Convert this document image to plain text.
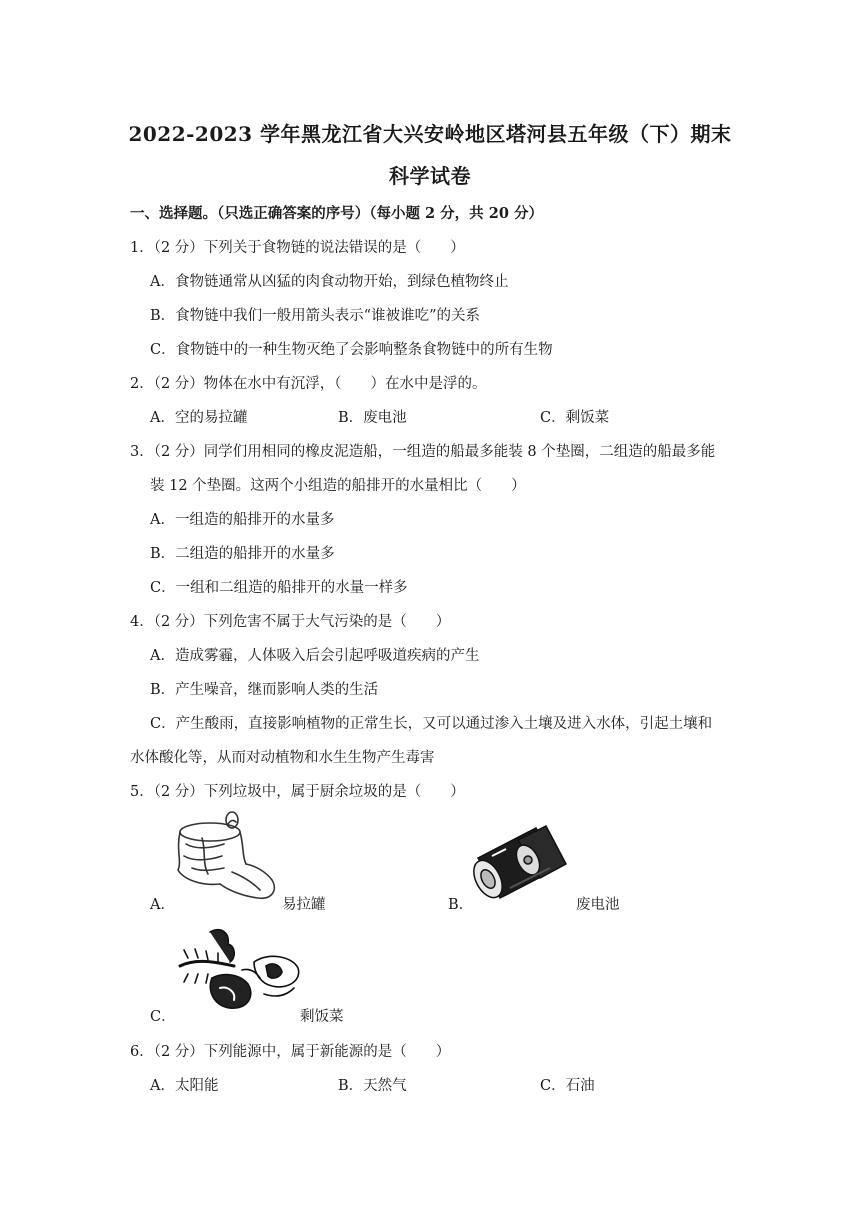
2022-2023 学年黑龙江省大兴安岭地区塔河县五年级（下）期末
科学试卷
一、选择题。（只选正确答案的序号）（每小题 2 分，共 20 分）
1．（2 分）下列关于食物链的说法错误的是（　　）
A．食物链通常从凶猛的肉食动物开始，到绿色植物终止
B．食物链中我们一般用箭头表示“谁被谁吃”的关系
C．食物链中的一种生物灭绝了会影响整条食物链中的所有生物
2．（2 分）物体在水中有沉浮，（　　）在水中是浮的。
A．空的易拉罐	B．废电池	C．剩饭菜
3．（2 分）同学们用相同的橡皮泥造船，一组造的船最多能装 8 个垫圈，二组造的船最多能
装 12 个垫圈。这两个小组造的船排开的水量相比（　　）
A．一组造的船排开的水量多
B．二组造的船排开的水量多
C．一组和二组造的船排开的水量一样多
4．（2 分）下列危害不属于大气污染的是（　　）
A．造成雾霾，人体吸入后会引起呼吸道疾病的产生
B．产生噪音，继而影响人类的生活
C．产生酸雨，直接影响植物的正常生长，又可以通过渗入土壤及进入水体，引起土壤和
水体酸化等，从而对动植物和水生生物产生毒害
5．（2 分）下列垃圾中，属于厨余垃圾的是（　　）
A．	易拉罐	B．	废电池
C．	剩饭菜
6．（2 分）下列能源中，属于新能源的是（　　）
A．太阳能	B．天然气	C．石油
